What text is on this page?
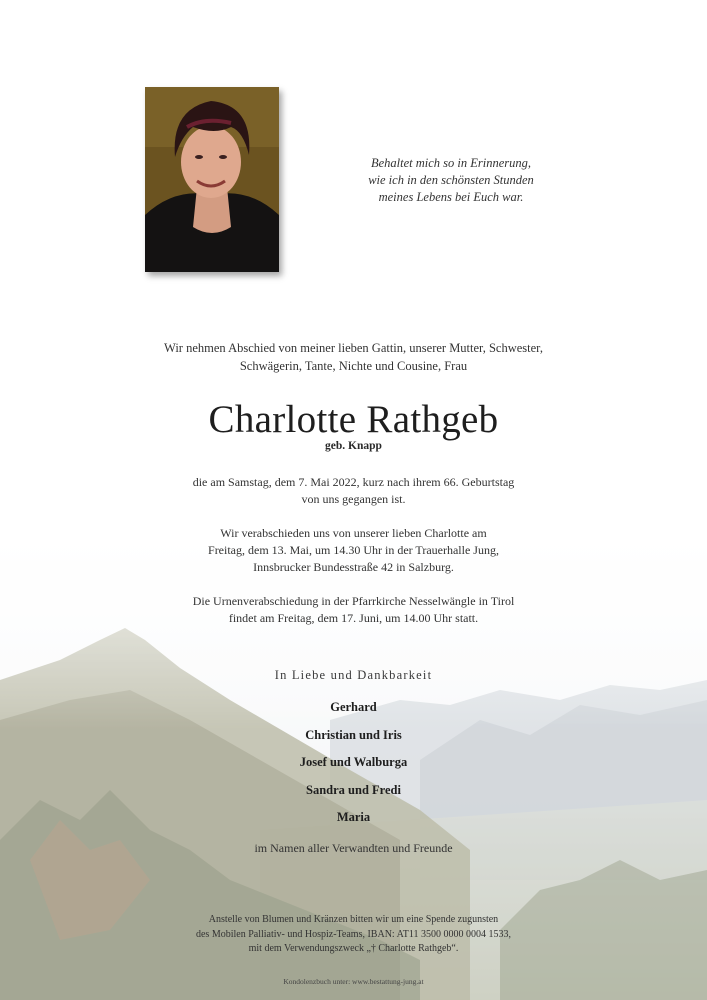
Behaltet mich so in Erinnerung,
wie ich in den schönsten Stunden
meines Lebens bei Euch war.
Wir nehmen Abschied von meiner lieben Gattin, unserer Mutter, Schwester,
Schwägerin, Tante, Nichte und Cousine, Frau
Charlotte Rathgeb
geb. Knapp
die am Samstag, dem 7. Mai 2022, kurz nach ihrem 66. Geburtstag
von uns gegangen ist.
Wir verabschieden uns von unserer lieben Charlotte am
Freitag, dem 13. Mai, um 14.30 Uhr in der Trauerhalle Jung,
Innsbrucker Bundesstraße 42 in Salzburg.
Die Urnenverabschiedung in der Pfarrkirche Nesselwängle in Tirol
findet am Freitag, dem 17. Juni, um 14.00 Uhr statt.
In Liebe und Dankbarkeit
Gerhard
Christian und Iris
Josef und Walburga
Sandra und Fredi
Maria
im Namen aller Verwandten und Freunde
Anstelle von Blumen und Kränzen bitten wir um eine Spende zugunsten
des Mobilen Palliativ- und Hospiz-Teams, IBAN: AT11 3500 0000 0004 1533,
mit dem Verwendungszweck „† Charlotte Rathgeb“.
Kondolenzbuch unter: www.bestattung-jung.at
